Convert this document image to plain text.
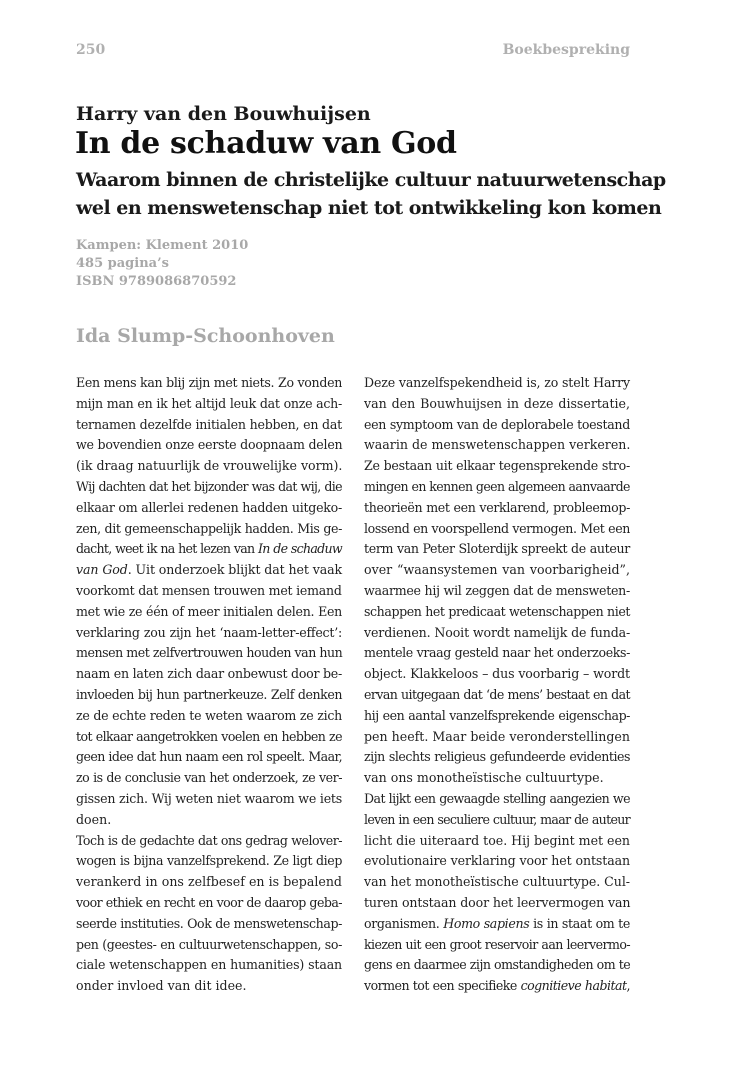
250	Boekbespreking
Harry van den Bouwhuijsen
In de schaduw van God
Waarom binnen de christelijke cultuur natuurwetenschap
wel en menswetenschap niet tot ontwikkeling kon komen
Kampen: Klement 2010
485 pagina’s
ISBN 9789086870592
Ida Slump-Schoonhoven
Een mens kan blij zijn met niets. Zo vonden
mijn man en ik het altijd leuk dat onze ach-
ternamen dezelfde initialen hebben, en dat
we bovendien onze eerste doopnaam delen
(ik draag natuurlijk de vrouwelijke vorm).
Wij dachten dat het bijzonder was dat wij, die
elkaar om allerlei redenen hadden uitgeko-
zen, dit gemeenschappelijk hadden. Mis ge-
dacht, weet ik na het lezen van In de schaduw
van God. Uit onderzoek blijkt dat het vaak
voorkomt dat mensen trouwen met iemand
met wie ze één of meer initialen delen. Een
verklaring zou zijn het ‘naam-letter-effect’:
mensen met zelfvertrouwen houden van hun
naam en laten zich daar onbewust door be-
invloeden bij hun partnerkeuze. Zelf denken
ze de echte reden te weten waarom ze zich
tot elkaar aangetrokken voelen en hebben ze
geen idee dat hun naam een rol speelt. Maar,
zo is de conclusie van het onderzoek, ze ver-
gissen zich. Wij weten niet waarom we iets
doen.
Toch is de gedachte dat ons gedrag welover-
wogen is bijna vanzelfsprekend. Ze ligt diep
verankerd in ons zelfbesef en is bepalend
voor ethiek en recht en voor de daarop geba-
seerde instituties. Ook de menswetenschap-
pen (geestes- en cultuurwetenschappen, so-
ciale wetenschappen en humanities) staan
onder invloed van dit idee.
Deze vanzelfspekendheid is, zo stelt Harry
van den Bouwhuijsen in deze dissertatie,
een symptoom van de deplorabele toestand
waarin de menswetenschappen verkeren.
Ze bestaan uit elkaar tegensprekende stro-
mingen en kennen geen algemeen aanvaarde
theorieën met een verklarend, probleemop-
lossend en voorspellend vermogen. Met een
term van Peter Sloterdijk spreekt de auteur
over “waansystemen van voorbarigheid”,
waarmee hij wil zeggen dat de mensweten-
schappen het predicaat wetenschappen niet
verdienen. Nooit wordt namelijk de funda-
mentele vraag gesteld naar het onderzoeks-
object. Klakkeloos – dus voorbarig – wordt
ervan uitgegaan dat ‘de mens’ bestaat en dat
hij een aantal vanzelfsprekende eigenschap-
pen heeft. Maar beide veronderstellingen
zijn slechts religieus gefundeerde evidenties
van ons monotheïstische cultuurtype.
Dat lijkt een gewaagde stelling aangezien we
leven in een seculiere cultuur, maar de auteur
licht die uiteraard toe. Hij begint met een
evolutionaire verklaring voor het ontstaan
van het monotheïstische cultuurtype. Cul-
turen ontstaan door het leervermogen van
organismen. Homo sapiens is in staat om te
kiezen uit een groot reservoir aan leervermo-
gens en daarmee zijn omstandigheden om te
vormen tot een specifieke cognitieve habitat,
